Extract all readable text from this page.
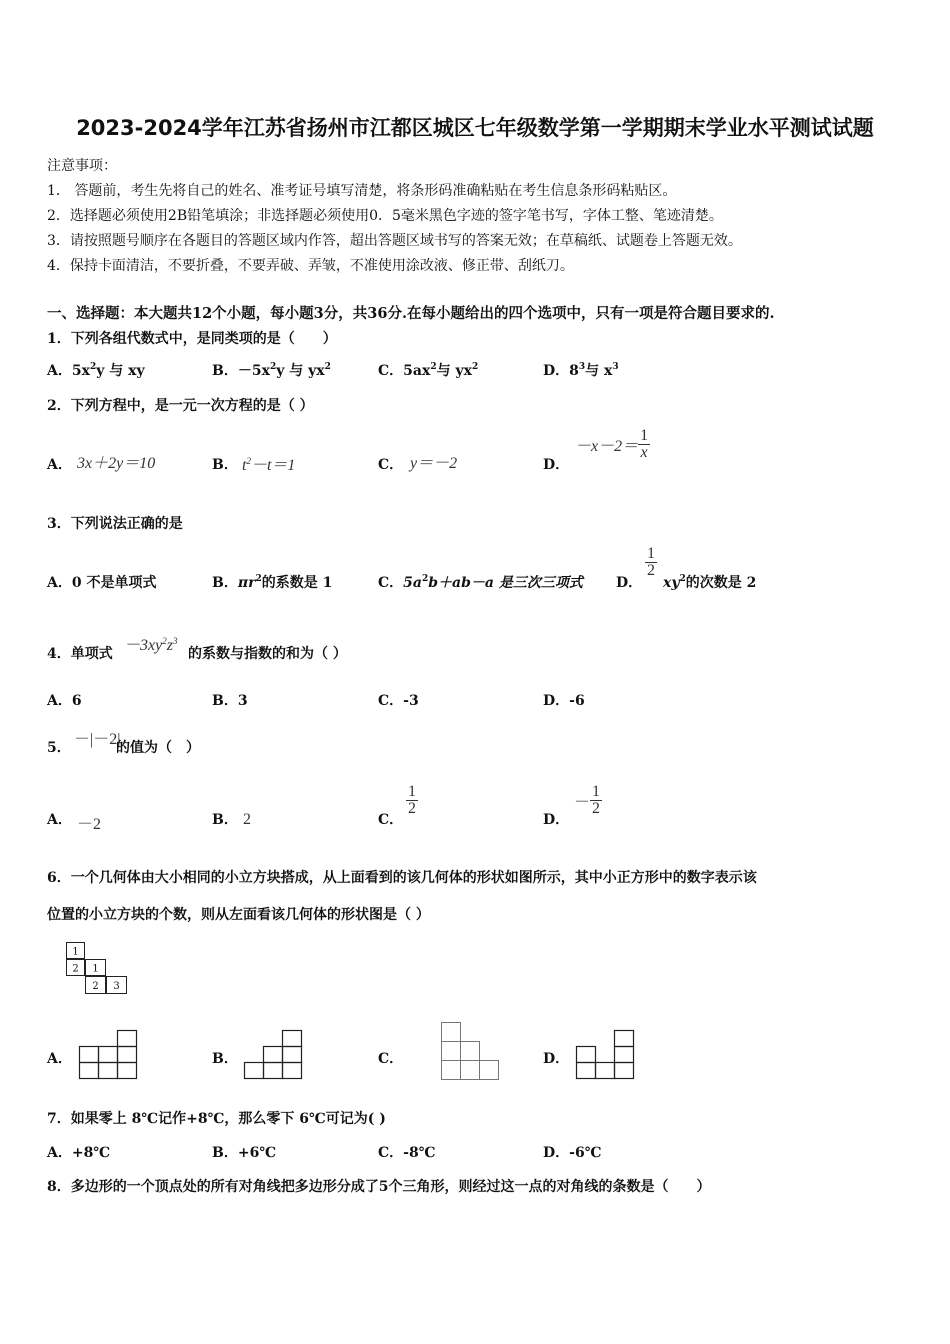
2023-2024学年江苏省扬州市江都区城区七年级数学第一学期期末学业水平测试试题
注意事项：
1． 答题前，考生先将自己的姓名、准考证号填写清楚，将条形码准确粘贴在考生信息条形码粘贴区。
2．选择题必须使用2B铅笔填涂；非选择题必须使用0．5毫米黑色字迹的签字笔书写，字体工整、笔迹清楚。
3．请按照题号顺序在各题目的答题区域内作答，超出答题区域书写的答案无效；在草稿纸、试题卷上答题无效。
4．保持卡面清洁，不要折叠，不要弄破、弄皱，不准使用涂改液、修正带、刮纸刀。
一、选择题：本大题共12个小题，每小题3分，共36分.在每小题给出的四个选项中，只有一项是符合题目要求的.
1．下列各组代数式中，是同类项的是（　　）
A．$5x^2y$ 与 xy	B．$-5x^2y$ 与 $yx^2$	C．$5ax^2$与 $yx^2$	D．$8^3$与 $x^3$
2．下列方程中，是一元一次方程的是（ ）
A． 3x＋2y＝10	B． $t^2-t=1$	C． y＝－2	D．
$-x-2= \frac{1}{x}$
3．下列说法正确的是
A．0 不是单项式	B．$\pi r^2$的系数是 1	C．$5a^2b+ab-a$ 是三次三项式 D．
$\frac{1}{2}$
$xy^2$的次数是 2
4．单项式 $-3xy^2z^3$
的系数与指数的和为（ ）
A．6	B．3	C．-3	D．-6
5． －|－2|
的值为（　）
A． －2	B． 2	C．
$\frac{1}{2}$
D．
－ $\frac{1}{2}$
6．一个几何体由大小相同的小立方块搭成，从上面看到的该几何体的形状如图所示，其中小正方形中的数字表示该
位置的小立方块的个数，则从左面看该几何体的形状图是（ ）
1
2 1
2 3
A．	B．	C．	D．
7．如果零上 8℃记作+8℃，那么零下 6℃可记为( )
A．+8℃	B．+6℃	C．-8℃	D．-6℃
8．多边形的一个顶点处的所有对角线把多边形分成了5个三角形，则经过这一点的对角线的条数是（　　）
